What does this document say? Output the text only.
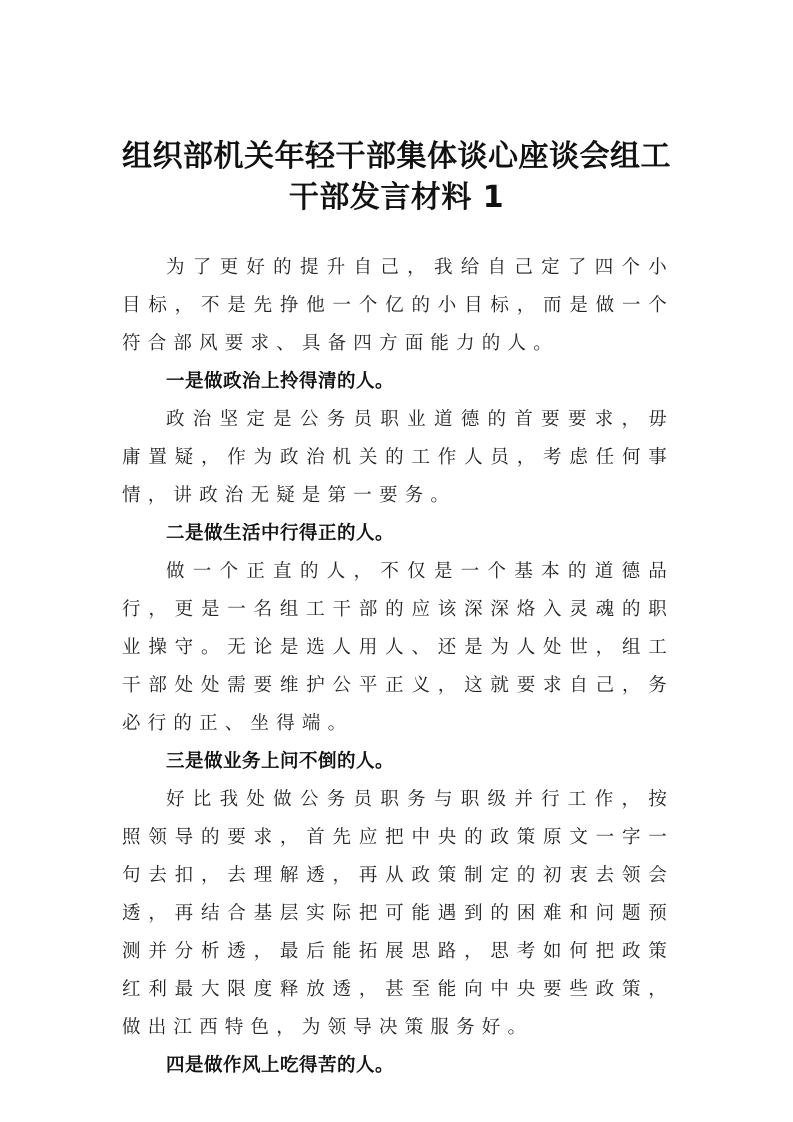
组织部机关年轻干部集体谈心座谈会组工
干部发言材料 1

为了更好的提升自己，我给自己定了四个小目标，不是先挣他一个亿的小目标，而是做一个符合部风要求、具备四方面能力的人。

一是做政治上拎得清的人。

政治坚定是公务员职业道德的首要要求，毋庸置疑，作为政治机关的工作人员，考虑任何事情，讲政治无疑是第一要务。

二是做生活中行得正的人。

做一个正直的人，不仅是一个基本的道德品行，更是一名组工干部的应该深深烙入灵魂的职业操守。无论是选人用人、还是为人处世，组工干部处处需要维护公平正义，这就要求自己，务必行的正、坐得端。

三是做业务上问不倒的人。

好比我处做公务员职务与职级并行工作，按照领导的要求，首先应把中央的政策原文一字一句去扣，去理解透，再从政策制定的初衷去领会透，再结合基层实际把可能遇到的困难和问题预测并分析透，最后能拓展思路，思考如何把政策红利最大限度释放透，甚至能向中央要些政策，做出江西特色，为领导决策服务好。

四是做作风上吃得苦的人。
